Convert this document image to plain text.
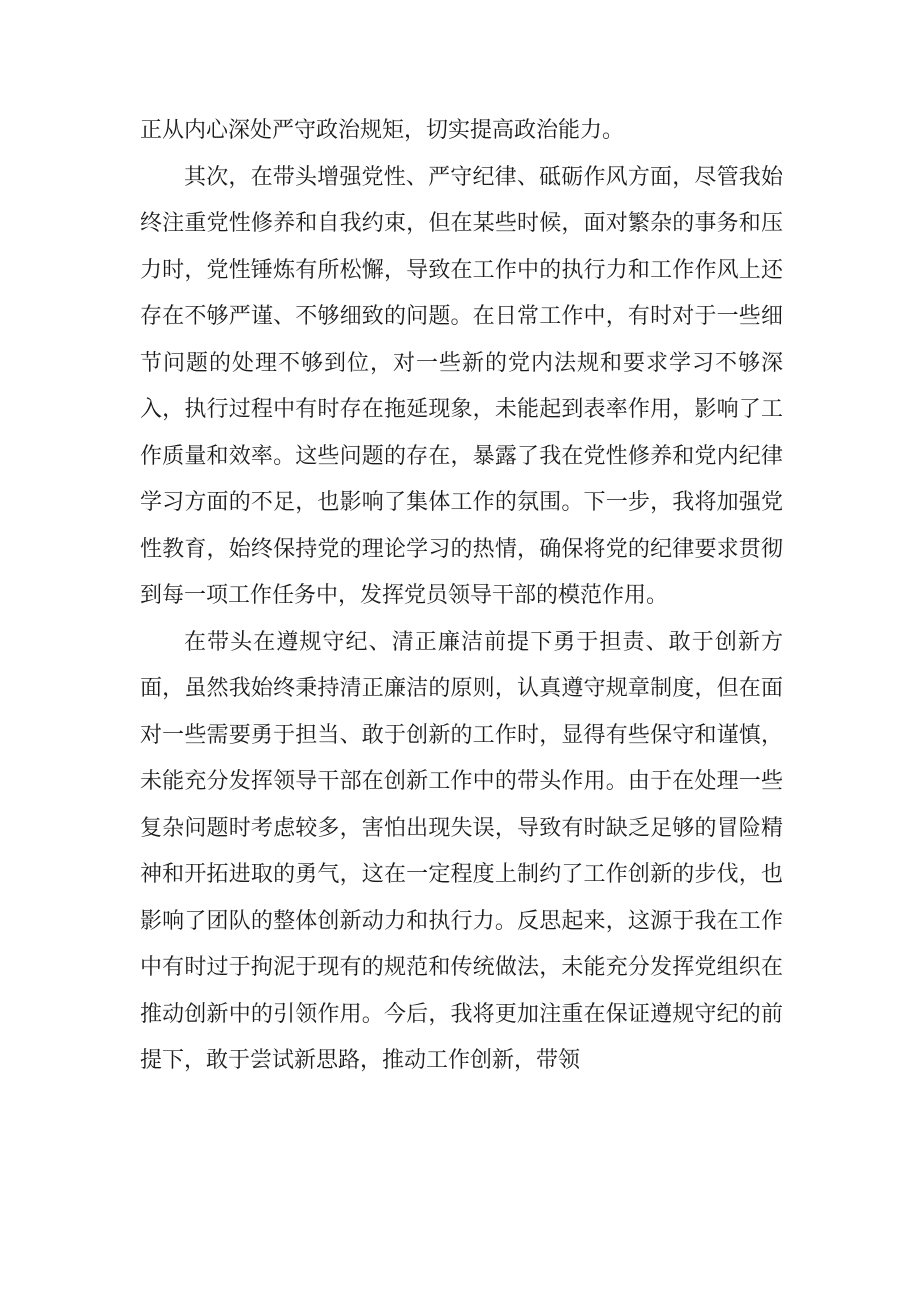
正从内心深处严守政治规矩，切实提高政治能力。

其次，在带头增强党性、严守纪律、砥砺作风方面，尽管我始终注重党性修养和自我约束，但在某些时候，面对繁杂的事务和压力时，党性锤炼有所松懈，导致在工作中的执行力和工作作风上还存在不够严谨、不够细致的问题。在日常工作中，有时对于一些细节问题的处理不够到位，对一些新的党内法规和要求学习不够深入，执行过程中有时存在拖延现象，未能起到表率作用，影响了工作质量和效率。这些问题的存在，暴露了我在党性修养和党内纪律学习方面的不足，也影响了集体工作的氛围。下一步，我将加强党性教育，始终保持党的理论学习的热情，确保将党的纪律要求贯彻到每一项工作任务中，发挥党员领导干部的模范作用。

在带头在遵规守纪、清正廉洁前提下勇于担责、敢于创新方面，虽然我始终秉持清正廉洁的原则，认真遵守规章制度，但在面对一些需要勇于担当、敢于创新的工作时，显得有些保守和谨慎，未能充分发挥领导干部在创新工作中的带头作用。由于在处理一些复杂问题时考虑较多，害怕出现失误，导致有时缺乏足够的冒险精神和开拓进取的勇气，这在一定程度上制约了工作创新的步伐，也影响了团队的整体创新动力和执行力。反思起来，这源于我在工作中有时过于拘泥于现有的规范和传统做法，未能充分发挥党组织在推动创新中的引领作用。今后，我将更加注重在保证遵规守纪的前提下，敢于尝试新思路，推动工作创新，带领
